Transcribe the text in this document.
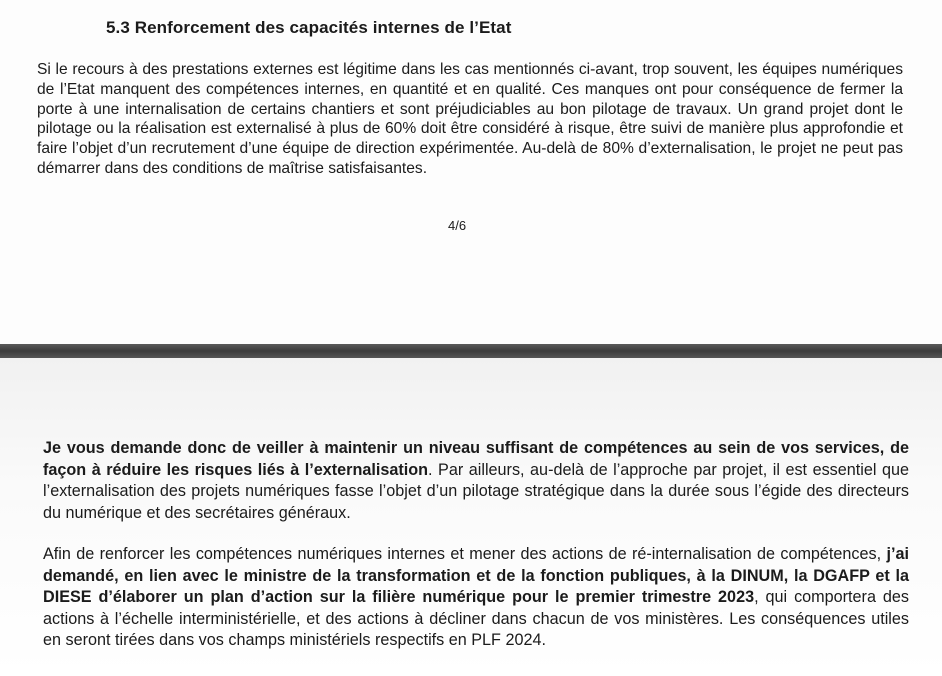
5.3 Renforcement des capacités internes de l’Etat
Si le recours à des prestations externes est légitime dans les cas mentionnés ci-avant, trop souvent, les équipes numériques de l’Etat manquent des compétences internes, en quantité et en qualité. Ces manques ont pour conséquence de fermer la porte à une internalisation de certains chantiers et sont préjudiciables au bon pilotage de travaux. Un grand projet dont le pilotage ou la réalisation est externalisé à plus de 60% doit être considéré à risque, être suivi de manière plus approfondie et faire l’objet d’un recrutement d’une équipe de direction expérimentée. Au-delà de 80% d’externalisation, le projet ne peut pas démarrer dans des conditions de maîtrise satisfaisantes.
4/6
Je vous demande donc de veiller à maintenir un niveau suffisant de compétences au sein de vos services, de façon à réduire les risques liés à l’externalisation. Par ailleurs, au-delà de l’approche par projet, il est essentiel que l’externalisation des projets numériques fasse l’objet d’un pilotage stratégique dans la durée sous l’égide des directeurs du numérique et des secrétaires généraux.
Afin de renforcer les compétences numériques internes et mener des actions de ré-internalisation de compétences, j’ai demandé, en lien avec le ministre de la transformation et de la fonction publiques, à la DINUM, la DGAFP et la DIESE d’élaborer un plan d’action sur la filière numérique pour le premier trimestre 2023, qui comportera des actions à l’échelle interministérielle, et des actions à décliner dans chacun de vos ministères. Les conséquences utiles en seront tirées dans vos champs ministériels respectifs en PLF 2024.
